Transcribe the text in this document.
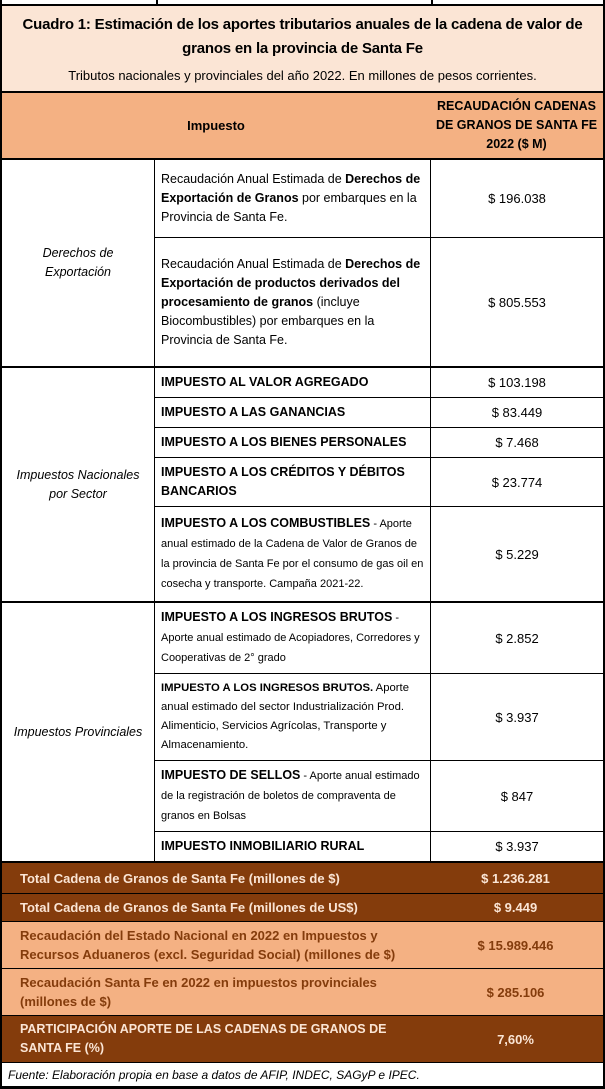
Cuadro 1: Estimación de los aportes tributarios anuales de la cadena de valor de granos en la provincia de Santa Fe
Tributos nacionales y provinciales del año 2022. En millones de pesos corrientes.
Impuesto
RECAUDACIÓN CADENAS DE GRANOS DE SANTA FE 2022 ($ M)
Derechos de Exportación
Recaudación Anual Estimada de Derechos de Exportación de Granos por embarques en la Provincia de Santa Fe.
$ 196.038
Recaudación Anual Estimada de Derechos de Exportación de productos derivados del procesamiento de granos (incluye Biocombustibles) por embarques en la Provincia de Santa Fe.
$ 805.553
Impuestos Nacionales por Sector
IMPUESTO AL VALOR AGREGADO	$ 103.198
IMPUESTO A LAS GANANCIAS	$ 83.449
IMPUESTO A LOS BIENES PERSONALES	$ 7.468
IMPUESTO A LOS CRÉDITOS Y DÉBITOS BANCARIOS
$ 23.774
IMPUESTO A LOS COMBUSTIBLES - Aporte anual estimado de la Cadena de Valor de Granos de la provincia de Santa Fe por el consumo de gas oil en cosecha y transporte. Campaña 2021-22.
$ 5.229
Impuestos Provinciales
IMPUESTO A LOS INGRESOS BRUTOS - Aporte anual estimado de Acopiadores, Corredores y Cooperativas de 2° grado
$ 2.852
IMPUESTO A LOS INGRESOS BRUTOS. Aporte anual estimado del sector Industrialización Prod. Alimenticio, Servicios Agrícolas, Transporte y Almacenamiento.
$ 3.937
IMPUESTO DE SELLOS - Aporte anual estimado de la registración de boletos de compraventa de granos en Bolsas
$ 847
IMPUESTO INMOBILIARIO RURAL	$ 3.937
Total Cadena de Granos de Santa Fe (millones de $)	$ 1.236.281
Total Cadena de Granos de Santa Fe (millones de US$)	$ 9.449
Recaudación del Estado Nacional en 2022 en Impuestos y Recursos Aduaneros (excl. Seguridad Social) (millones de $)
$ 15.989.446
Recaudación Santa Fe en 2022 en impuestos provinciales (millones de $)
$ 285.106
PARTICIPACIÓN APORTE DE LAS CADENAS DE GRANOS DE SANTA FE (%)
7,60%
Fuente: Elaboración propia en base a datos de AFIP, INDEC, SAGyP e IPEC.
